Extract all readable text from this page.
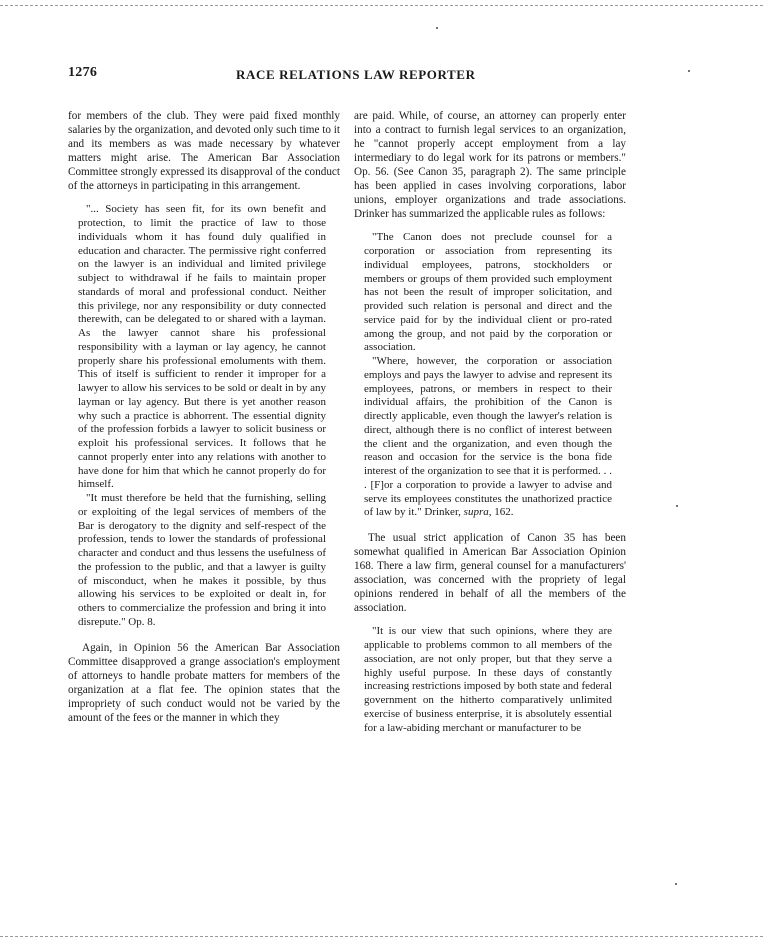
1276	RACE RELATIONS LAW REPORTER

for members of the club. They were paid fixed monthly salaries by the organization, and devoted only such time to it and its members as was made necessary by whatever matters might arise. The American Bar Association Committee strongly expressed its disapproval of the conduct of the attorneys in participating in this arrangement.

"... Society has seen fit, for its own benefit and protection, to limit the practice of law to those individuals whom it has found duly qualified in education and character. The permissive right conferred on the lawyer is an individual and limited privilege subject to withdrawal if he fails to maintain proper standards of moral and professional conduct. Neither this privilege, nor any responsibility or duty connected therewith, can be delegated to or shared with a layman. As the lawyer cannot share his professional responsibility with a layman or lay agency, he cannot properly share his professional emoluments with them. This of itself is sufficient to render it improper for a lawyer to allow his services to be sold or dealt in by any layman or lay agency. But there is yet another reason why such a practice is abhorrent. The essential dignity of the profession forbids a lawyer to solicit business or exploit his professional services. It follows that he cannot properly enter into any relations with another to have done for him that which he cannot properly do for himself.

"It must therefore be held that the furnishing, selling or exploiting of the legal services of members of the Bar is derogatory to the dignity and self-respect of the profession, tends to lower the standards of professional character and conduct and thus lessens the usefulness of the profession to the public, and that a lawyer is guilty of misconduct, when he makes it possible, by thus allowing his services to be exploited or dealt in, for others to commercialize the profession and bring it into disrepute." Op. 8.

Again, in Opinion 56 the American Bar Association Committee disapproved a grange association's employment of attorneys to handle probate matters for members of the organization at a flat fee. The opinion states that the impropriety of such conduct would not be varied by the amount of the fees or the manner in which they

are paid. While, of course, an attorney can properly enter into a contract to furnish legal services to an organization, he "cannot properly accept employment from a lay intermediary to do legal work for its patrons or members." Op. 56. (See Canon 35, paragraph 2). The same principle has been applied in cases involving corporations, labor unions, employer organizations and trade associations. Drinker has summarized the applicable rules as follows:

"The Canon does not preclude counsel for a corporation or association from representing its individual employees, patrons, stockholders or members or groups of them provided such employment has not been the result of improper solicitation, and provided such relation is personal and direct and the service paid for by the individual client or pro-rated among the group, and not paid by the corporation or association.

"Where, however, the corporation or association employs and pays the lawyer to advise and represent its employees, patrons, or members in respect to their individual affairs, the prohibition of the Canon is directly applicable, even though the lawyer's relation is direct, although there is no conflict of interest between the client and the organization, and even though the reason and occasion for the service is the bona fide interest of the organization to see that it is performed. . . . [F]or a corporation to provide a lawyer to advise and serve its employees constitutes the unathorized practice of law by it." Drinker, supra, 162.

The usual strict application of Canon 35 has been somewhat qualified in American Bar Association Opinion 168. There a law firm, general counsel for a manufacturers' association, was concerned with the propriety of legal opinions rendered in behalf of all the members of the association.

"It is our view that such opinions, where they are applicable to problems common to all members of the association, are not only proper, but that they serve a highly useful purpose. In these days of constantly increasing restrictions imposed by both state and federal government on the hitherto comparatively unlimited exercise of business enterprise, it is absolutely essential for a law-abiding merchant or manufacturer to be
